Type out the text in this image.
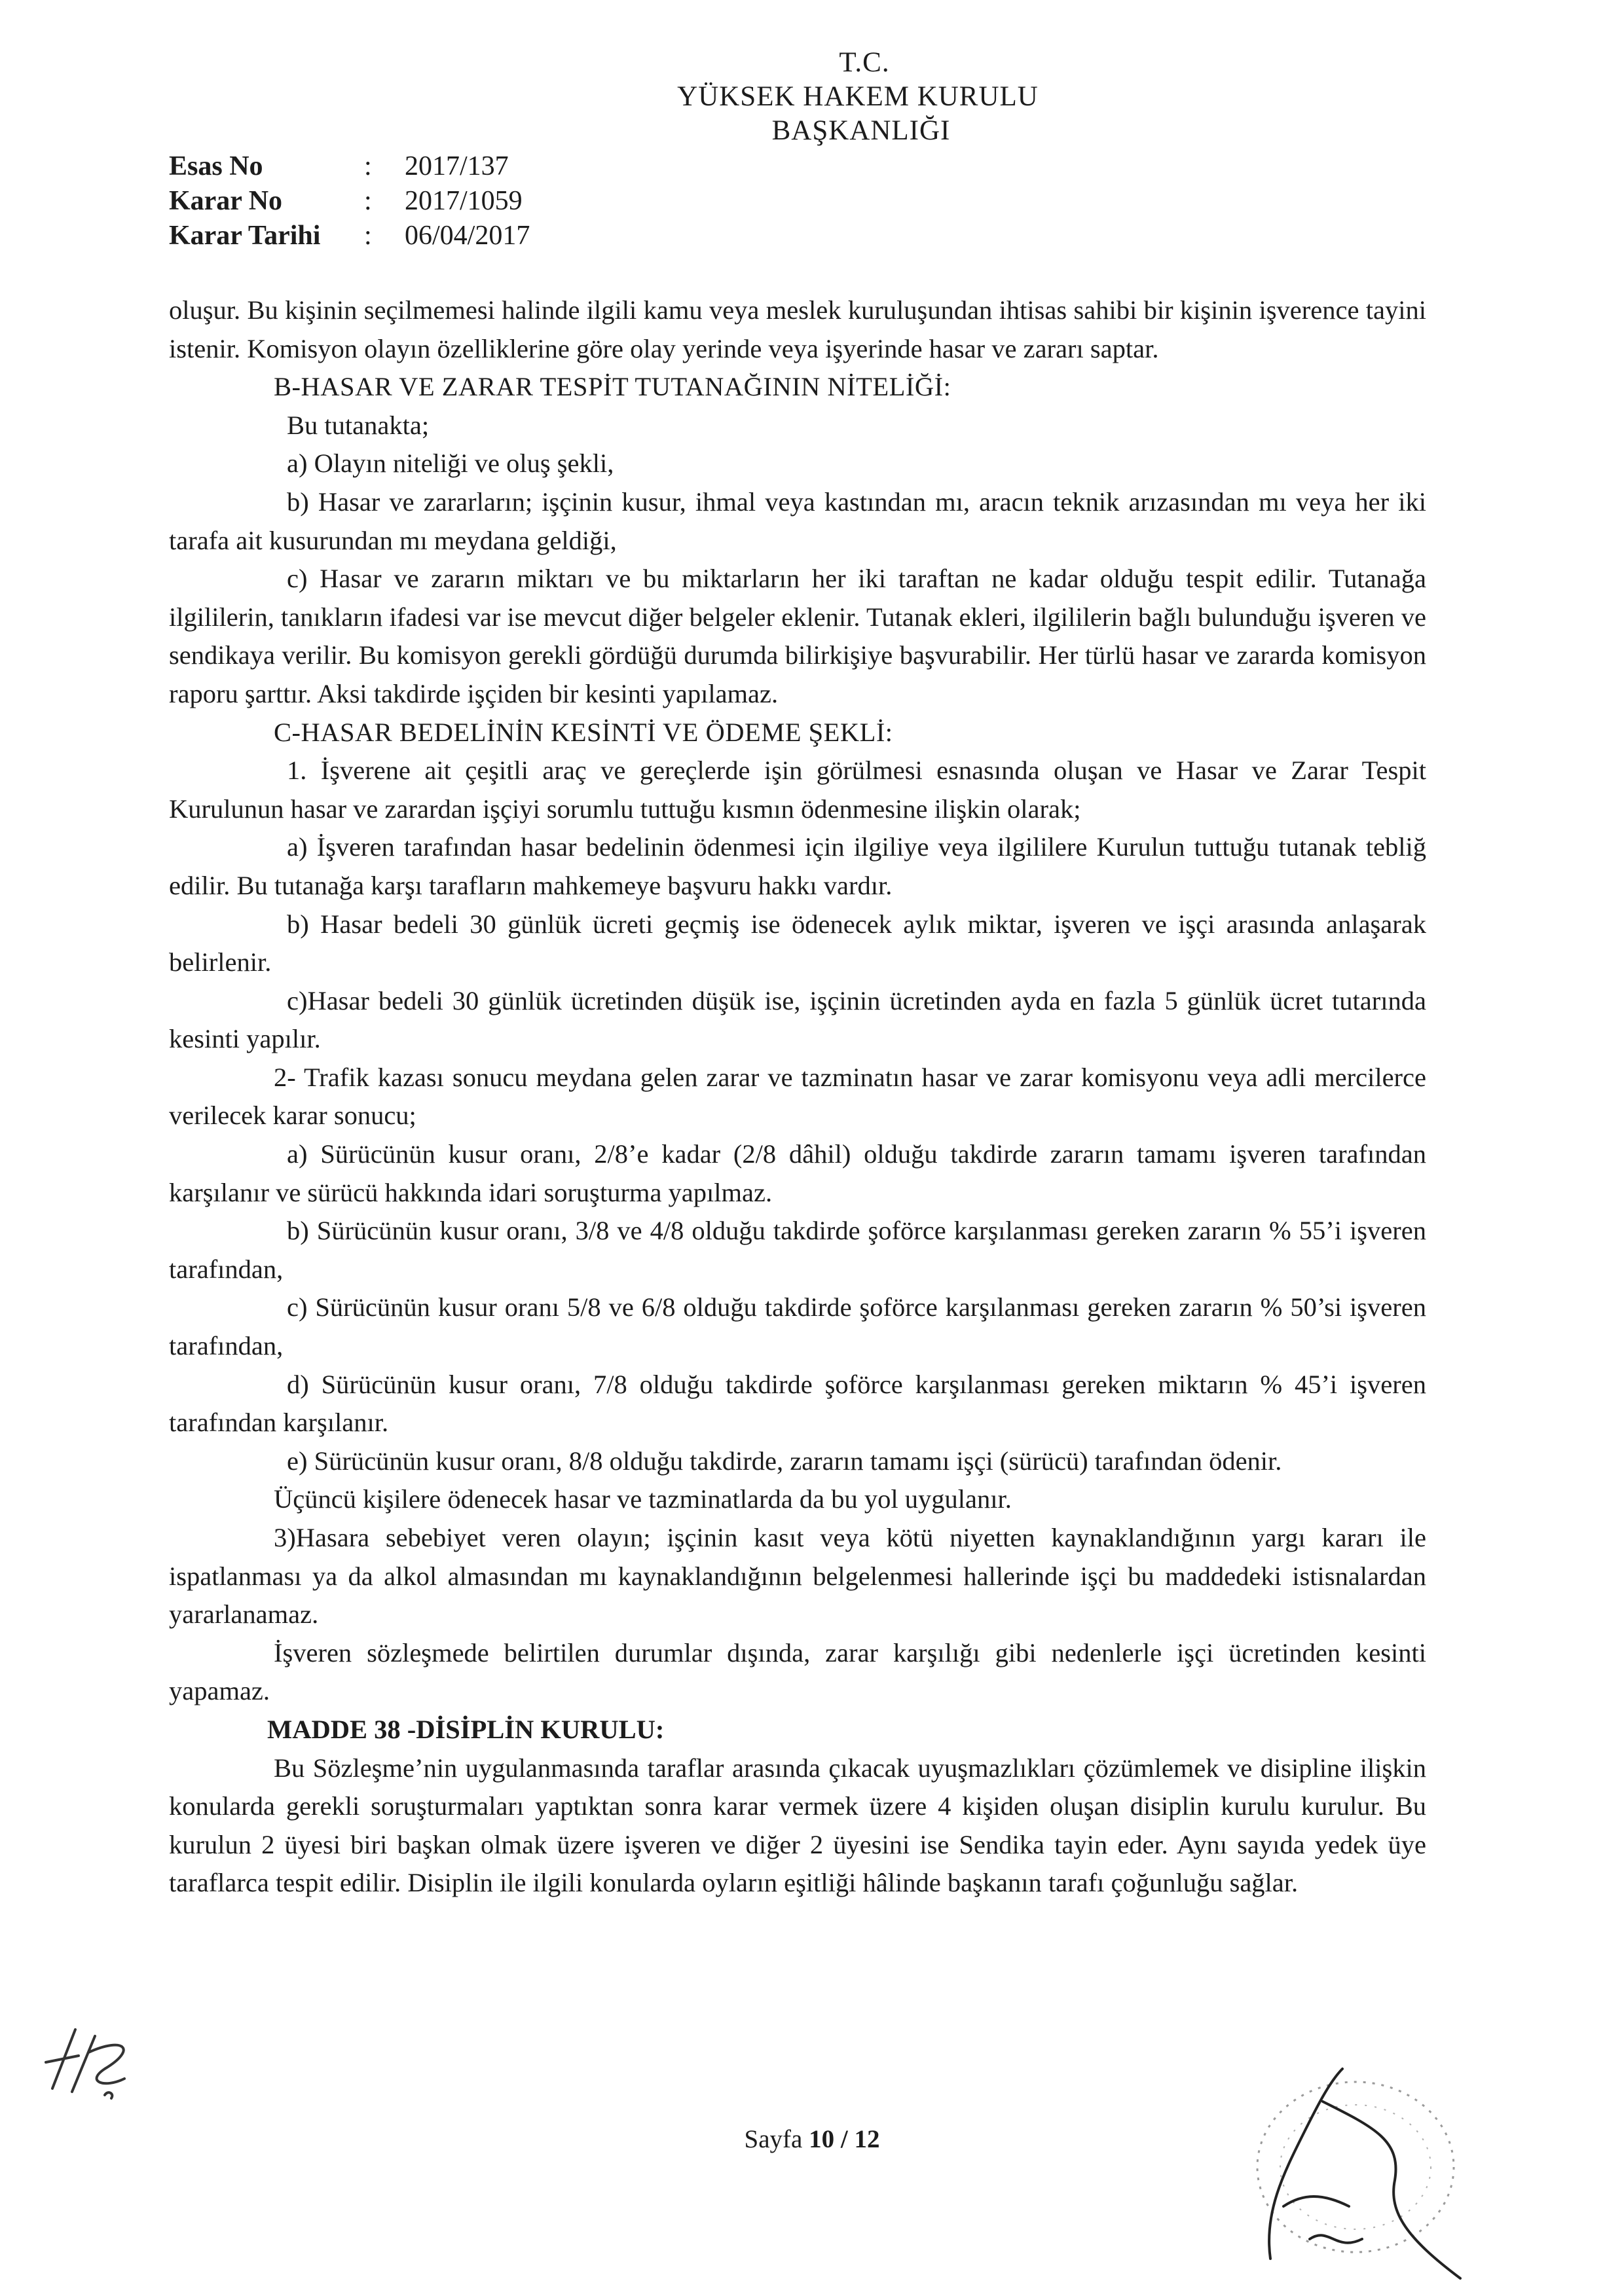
T.C.
YÜKSEK HAKEM KURULU
BAŞKANLIĞI
Esas No	: 2017/137
Karar No	: 2017/1059
Karar Tarihi : 06/04/2017

oluşur. Bu kişinin seçilmemesi halinde ilgili kamu veya meslek kuruluşundan ihtisas sahibi bir kişinin işverence tayini istenir. Komisyon olayın özelliklerine göre olay yerinde veya işyerinde hasar ve zararı saptar.

B-HASAR VE ZARAR TESPİT TUTANAĞININ NİTELİĞİ:

Bu tutanakta;

a) Olayın niteliği ve oluş şekli,

b) Hasar ve zararların; işçinin kusur, ihmal veya kastından mı, aracın teknik arızasından mı veya her iki tarafa ait kusurundan mı meydana geldiği,

c) Hasar ve zararın miktarı ve bu miktarların her iki taraftan ne kadar olduğu tespit edilir. Tutanağa ilgililerin, tanıkların ifadesi var ise mevcut diğer belgeler eklenir. Tutanak ekleri, ilgililerin bağlı bulunduğu işveren ve sendikaya verilir. Bu komisyon gerekli gördüğü durumda bilirkişiye başvurabilir. Her türlü hasar ve zararda komisyon raporu şarttır. Aksi takdirde işçiden bir kesinti yapılamaz.

C-HASAR BEDELİNİN KESİNTİ VE ÖDEME ŞEKLİ:

1. İşverene ait çeşitli araç ve gereçlerde işin görülmesi esnasında oluşan ve Hasar ve Zarar Tespit Kurulunun hasar ve zarardan işçiyi sorumlu tuttuğu kısmın ödenmesine ilişkin olarak;

a) İşveren tarafından hasar bedelinin ödenmesi için ilgiliye veya ilgililere Kurulun tuttuğu tutanak tebliğ edilir. Bu tutanağa karşı tarafların mahkemeye başvuru hakkı vardır.

b) Hasar bedeli 30 günlük ücreti geçmiş ise ödenecek aylık miktar, işveren ve işçi arasında anlaşarak belirlenir.

c)Hasar bedeli 30 günlük ücretinden düşük ise, işçinin ücretinden ayda en fazla 5 günlük ücret tutarında kesinti yapılır.

2- Trafik kazası sonucu meydana gelen zarar ve tazminatın hasar ve zarar komisyonu veya adli mercilerce verilecek karar sonucu;

a) Sürücünün kusur oranı, 2/8’e kadar (2/8 dâhil) olduğu takdirde zararın tamamı işveren tarafından karşılanır ve sürücü hakkında idari soruşturma yapılmaz.

b) Sürücünün kusur oranı, 3/8 ve 4/8 olduğu takdirde şoförce karşılanması gereken zararın % 55’i işveren tarafından,

c) Sürücünün kusur oranı 5/8 ve 6/8 olduğu takdirde şoförce karşılanması gereken zararın % 50’si işveren tarafından,

d) Sürücünün kusur oranı, 7/8 olduğu takdirde şoförce karşılanması gereken miktarın % 45’i işveren tarafından karşılanır.

e) Sürücünün kusur oranı, 8/8 olduğu takdirde, zararın tamamı işçi (sürücü) tarafından ödenir.

Üçüncü kişilere ödenecek hasar ve tazminatlarda da bu yol uygulanır.

3)Hasara sebebiyet veren olayın; işçinin kasıt veya kötü niyetten kaynaklandığının yargı kararı ile ispatlanması ya da alkol almasından mı kaynaklandığının belgelenmesi hallerinde işçi bu maddedeki istisnalardan yararlanamaz.

İşveren sözleşmede belirtilen durumlar dışında, zarar karşılığı gibi nedenlerle işçi ücretinden kesinti yapamaz.

MADDE 38 -DİSİPLİN KURULU:

Bu Sözleşme’nin uygulanmasında taraflar arasında çıkacak uyuşmazlıkları çözümlemek ve disipline ilişkin konularda gerekli soruşturmaları yaptıktan sonra karar vermek üzere 4 kişiden oluşan disiplin kurulu kurulur. Bu kurulun 2 üyesi biri başkan olmak üzere işveren ve diğer 2 üyesini ise Sendika tayin eder. Aynı sayıda yedek üye taraflarca tespit edilir. Disiplin ile ilgili konularda oyların eşitliği hâlinde başkanın tarafı çoğunluğu sağlar.

Sayfa 10 / 12
